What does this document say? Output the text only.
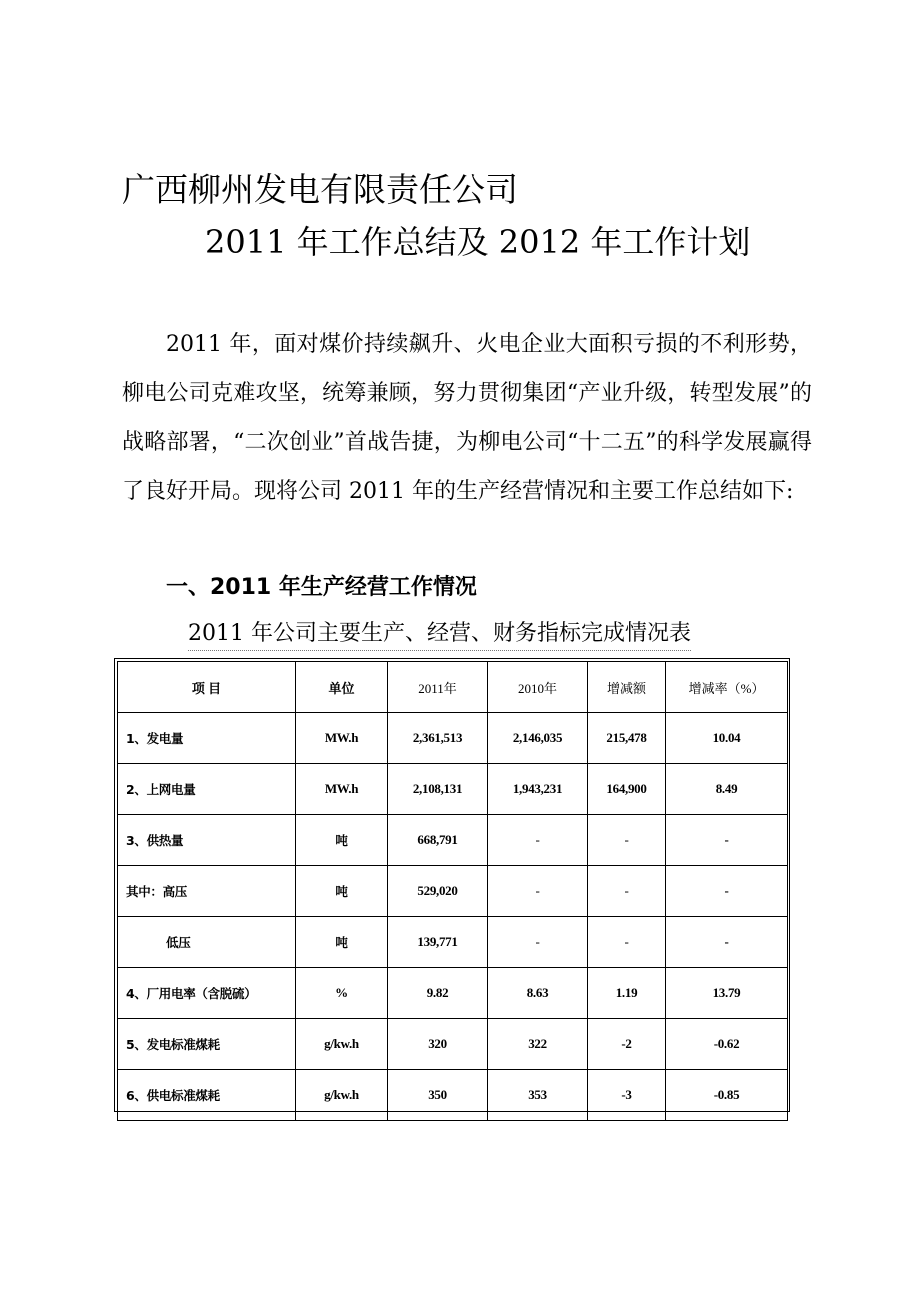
广西柳州发电有限责任公司
2011 年工作总结及 2012 年工作计划

2011 年，面对煤价持续飙升、火电企业大面积亏损的不利形势，柳电公司克难攻坚，统筹兼顾，努力贯彻集团“产业升级，转型发展”的战略部署，“二次创业”首战告捷，为柳电公司“十二五”的科学发展赢得了良好开局。现将公司 2011 年的生产经营情况和主要工作总结如下:

一、2011 年生产经营工作情况
2011 年公司主要生产、经营、财务指标完成情况表
项 目	单位	2011年	2010年	增减额	增减率（%）
1、发电量	MW.h	2,361,513	2,146,035	215,478	10.04
2、上网电量	MW.h	2,108,131	1,943,231	164,900	8.49
3、供热量	吨	668,791	-	-	-
其中：高压	吨	529,020	-	-	-
低压	吨	139,771	-	-	-
4、厂用电率（含脱硫）	%	9.82	8.63	1.19	13.79
5、发电标准煤耗	g/kw.h	320	322	-2	-0.62
6、供电标准煤耗	g/kw.h	350	353	-3	-0.85
